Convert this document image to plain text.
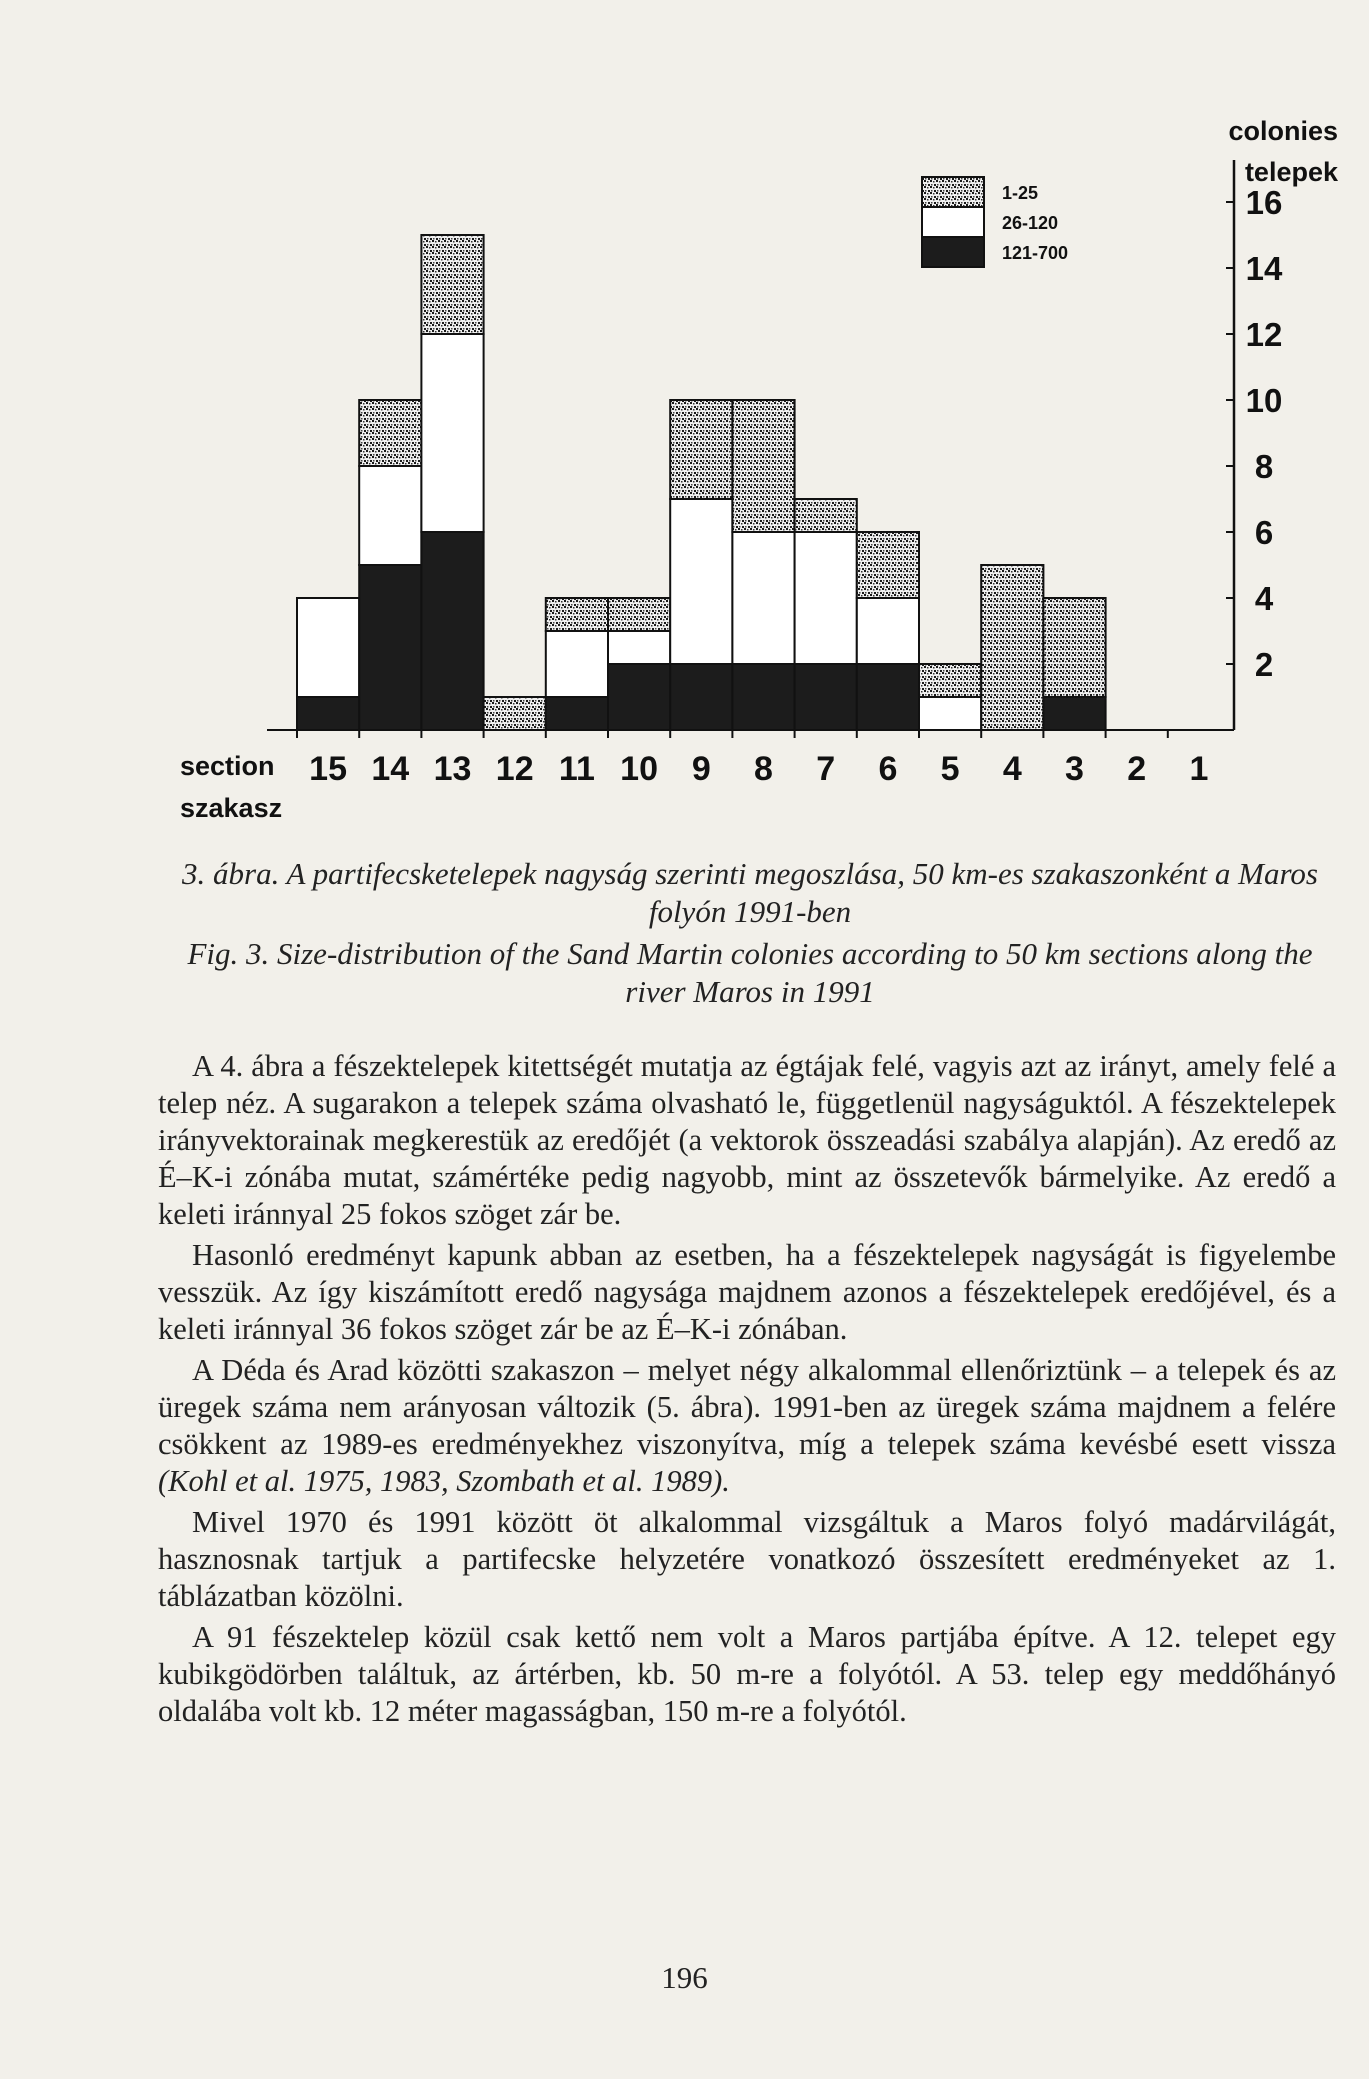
15 14 13 12 11 10 9 8 7 6 5 4 3 2 1
2
4
6
8
10
12
14
16
colonies
telepek
section
szakasz
1-25
26-120
121-700

3. ábra. A partifecsketelepek nagyság szerinti megoszlása, 50 km-es szakaszonként a Maros folyón 1991-ben

Fig. 3. Size-distribution of the Sand Martin colonies according to 50 km sections along the river Maros in 1991

A 4. ábra a fészektelepek kitettségét mutatja az égtájak felé, vagyis azt az irányt, amely felé a telep néz. A sugarakon a telepek száma olvasható le, függetlenül nagyságuktól. A fészektelepek irányvektorainak megkerestük az eredőjét (a vektorok összeadási szabálya alapján). Az eredő az É–K-i zónába mutat, számértéke pedig nagyobb, mint az összetevők bármelyike. Az eredő a keleti iránnyal 25 fokos szöget zár be.

Hasonló eredményt kapunk abban az esetben, ha a fészektelepek nagyságát is figyelembe vesszük. Az így kiszámított eredő nagysága majdnem azonos a fészektelepek eredőjével, és a keleti iránnyal 36 fokos szöget zár be az É–K-i zónában.

A Déda és Arad közötti szakaszon – melyet négy alkalommal ellenőriztünk – a telepek és az üregek száma nem arányosan változik (5. ábra). 1991-ben az üregek száma majdnem a felére csökkent az 1989-es eredményekhez viszonyítva, míg a telepek száma kevésbé esett vissza (Kohl et al. 1975, 1983, Szombath et al. 1989).

Mivel 1970 és 1991 között öt alkalommal vizsgáltuk a Maros folyó madárvilágát, hasznosnak tartjuk a partifecske helyzetére vonatkozó összesített eredményeket az 1. táblázatban közölni.

A 91 fészektelep közül csak kettő nem volt a Maros partjába építve. A 12. telepet egy kubikgödörben találtuk, az ártérben, kb. 50 m-re a folyótól. A 53. telep egy meddőhányó oldalába volt kb. 12 méter magasságban, 150 m-re a folyótól.

196
